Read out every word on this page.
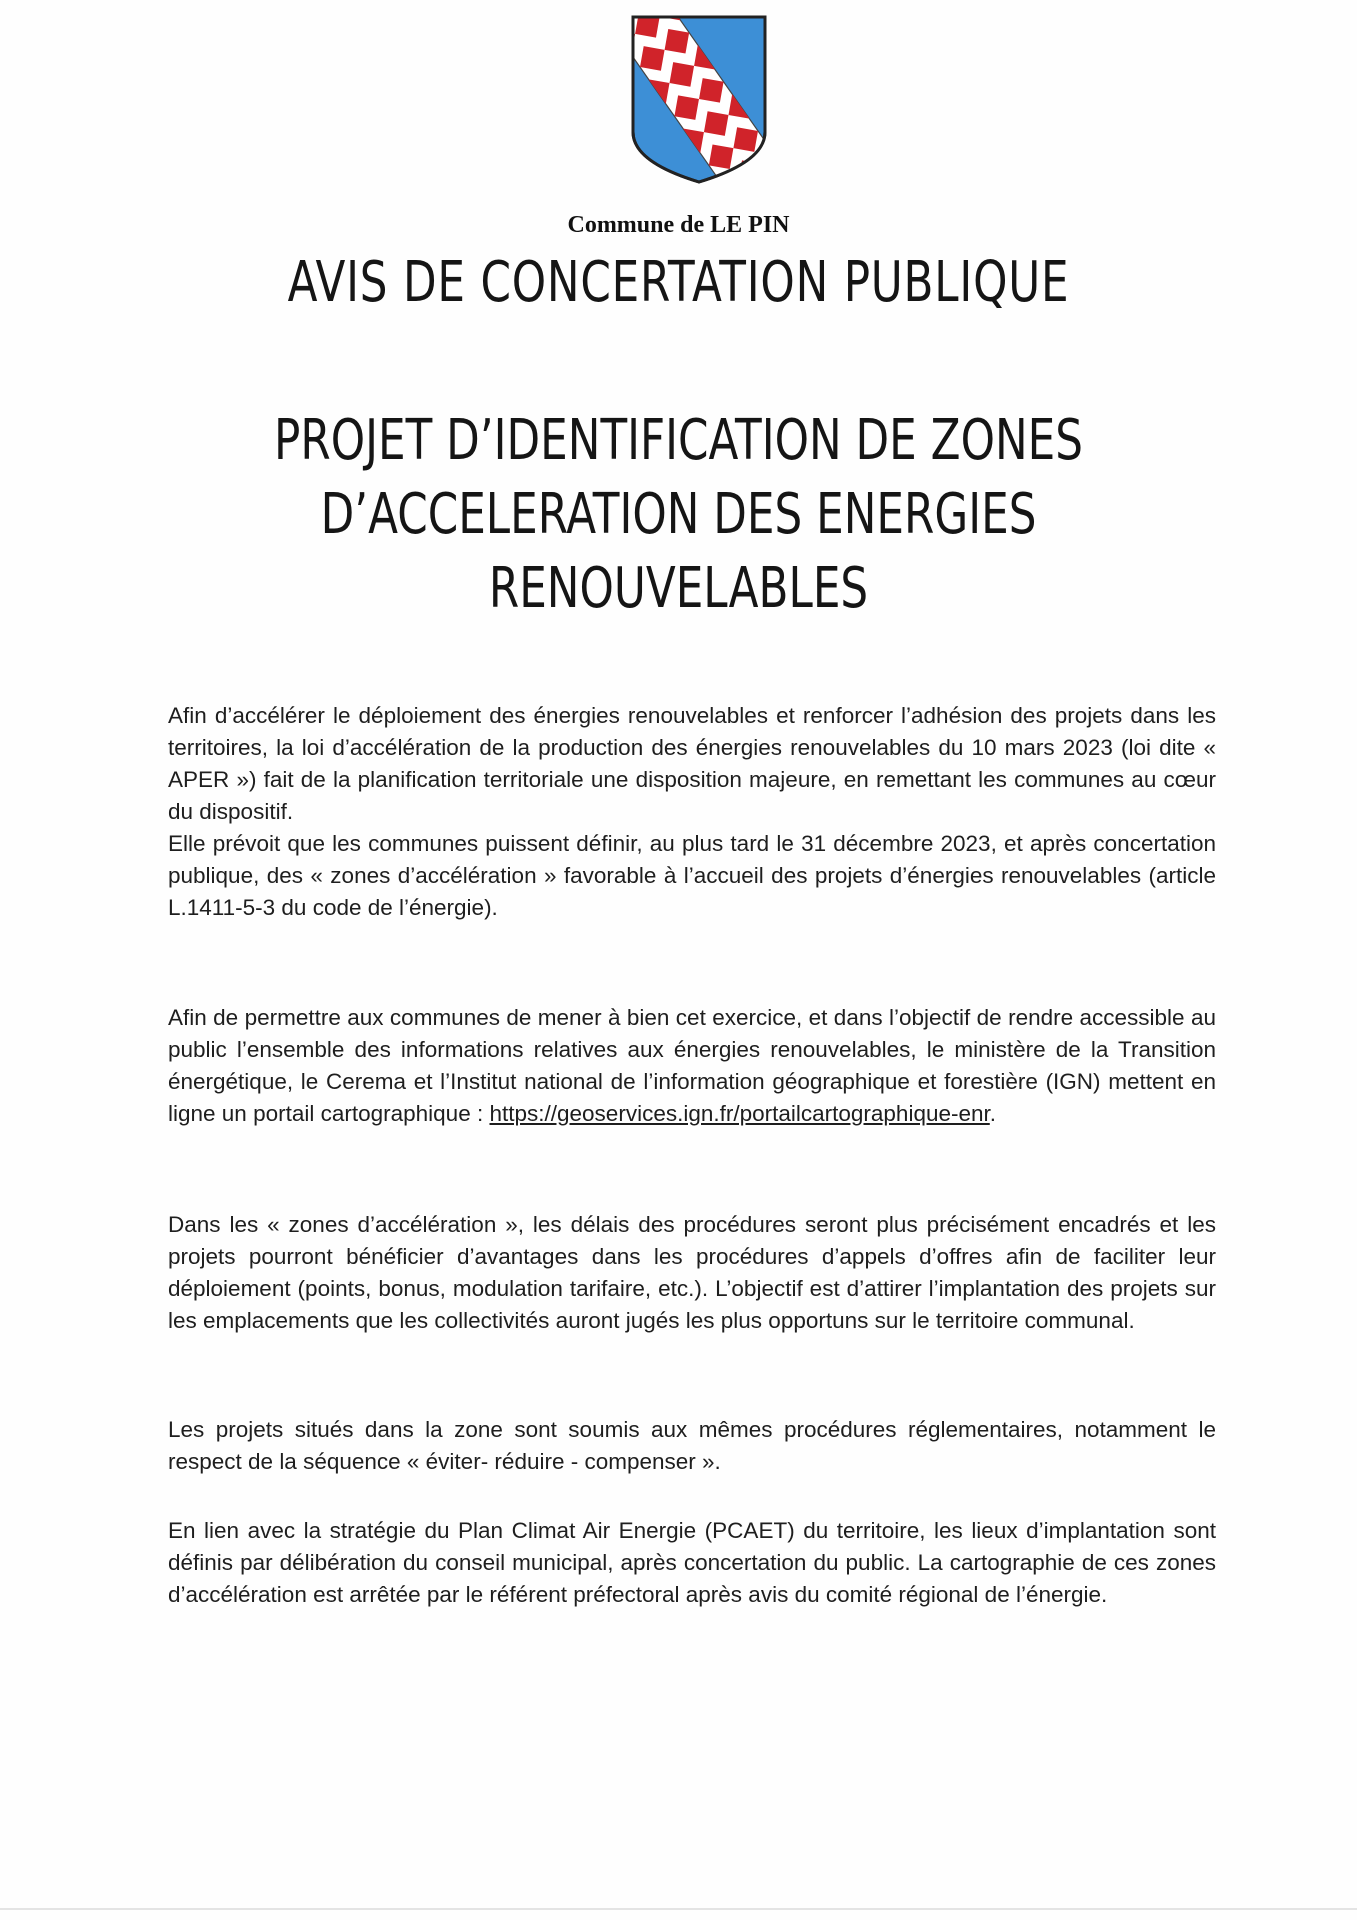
Commune de LE PIN
AVIS DE CONCERTATION PUBLIQUE
PROJET D’IDENTIFICATION DE ZONES
D’ACCELERATION DES ENERGIES
RENOUVELABLES

Afin d’accélérer le déploiement des énergies renouvelables et renforcer l’adhésion des projets dans les territoires, la loi d’accélération de la production des énergies renouvelables du 10 mars 2023 (loi dite « APER ») fait de la planification territoriale une disposition majeure, en remettant les communes au cœur du dispositif.

Elle prévoit que les communes puissent définir, au plus tard le 31 décembre 2023, et après concertation publique, des « zones d’accélération » favorable à l’accueil des projets d’énergies renouvelables (article L.1411-5-3 du code de l’énergie).

Afin de permettre aux communes de mener à bien cet exercice, et dans l’objectif de rendre accessible au public l’ensemble des informations relatives aux énergies renouvelables, le ministère de la Transition énergétique, le Cerema et l’Institut national de l’information géographique et forestière (IGN) mettent en ligne un portail cartographique : https://geoservices.ign.fr/portailcartographique-enr.

Dans les « zones d’accélération », les délais des procédures seront plus précisément encadrés et les projets pourront bénéficier d’avantages dans les procédures d’appels d’offres afin de faciliter leur déploiement (points, bonus, modulation tarifaire, etc.). L’objectif est d’attirer l’implantation des projets sur les emplacements que les collectivités auront jugés les plus opportuns sur le territoire communal.

Les projets situés dans la zone sont soumis aux mêmes procédures réglementaires, notamment le respect de la séquence « éviter- réduire - compenser ».

En lien avec la stratégie du Plan Climat Air Energie (PCAET) du territoire, les lieux d’implantation sont définis par délibération du conseil municipal, après concertation du public. La cartographie de ces zones d’accélération est arrêtée par le référent préfectoral après avis du comité régional de l’énergie.
